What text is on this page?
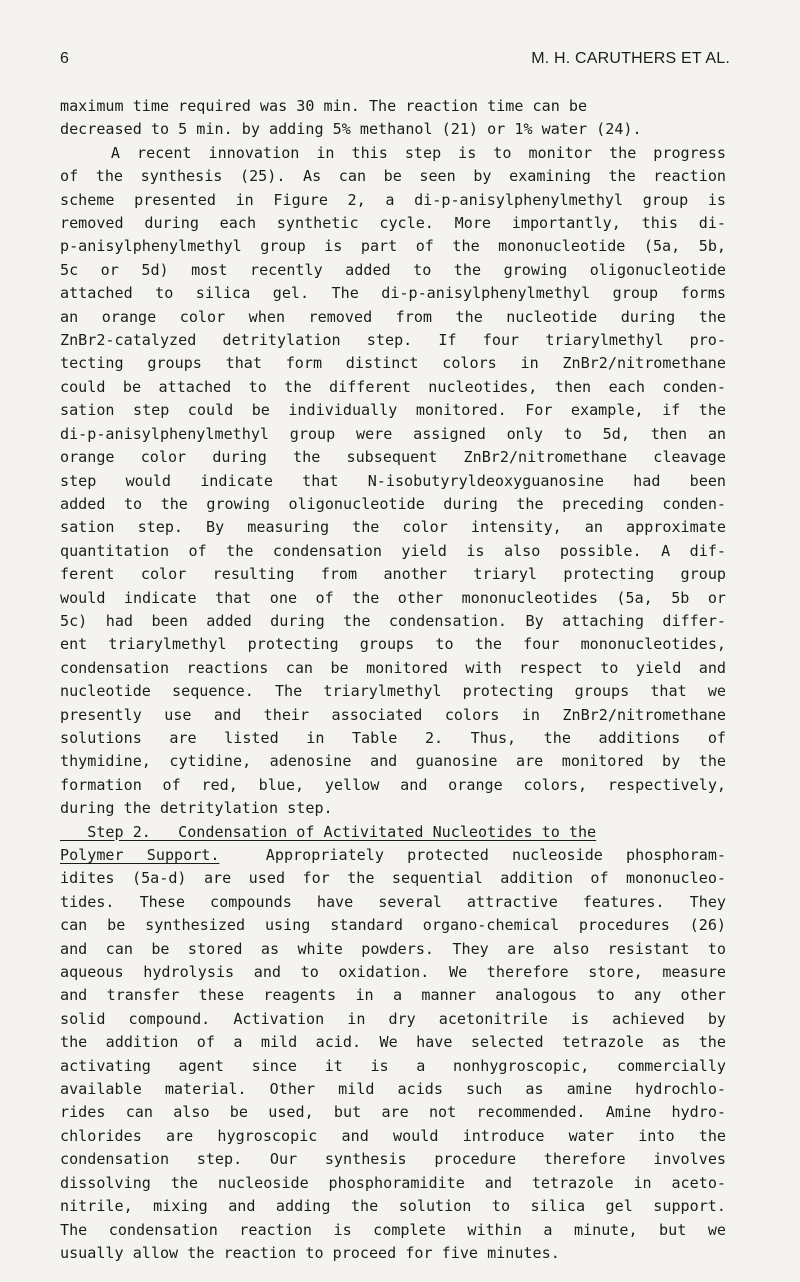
6	M. H. CARUTHERS ET AL.
maximum time required was 30 min. The reaction time can be
decreased to 5 min. by adding 5% methanol (21) or 1% water (24).
A recent innovation in this step is to monitor the progress
of the synthesis (25). As can be seen by examining the reaction
scheme presented in Figure 2, a di-p-anisylphenylmethyl group is
removed during each synthetic cycle. More importantly, this di-
p-anisylphenylmethyl group is part of the mononucleotide (5a, 5b,
5c or 5d) most recently added to the growing oligonucleotide
attached to silica gel. The di-p-anisylphenylmethyl group forms
an orange color when removed from the nucleotide during the
ZnBr2-catalyzed detritylation step. If four triarylmethyl pro-
tecting groups that form distinct colors in ZnBr2/nitromethane
could be attached to the different nucleotides, then each conden-
sation step could be individually monitored. For example, if the
di-p-anisylphenylmethyl group were assigned only to 5d, then an
orange color during the subsequent ZnBr2/nitromethane cleavage
step would indicate that N-isobutyryldeoxyguanosine had been
added to the growing oligonucleotide during the preceding conden-
sation step. By measuring the color intensity, an approximate
quantitation of the condensation yield is also possible. A dif-
ferent color resulting from another triaryl protecting group
would indicate that one of the other mononucleotides (5a, 5b or
5c) had been added during the condensation. By attaching differ-
ent triarylmethyl protecting groups to the four mononucleotides,
condensation reactions can be monitored with respect to yield and
nucleotide sequence. The triarylmethyl protecting groups that we
presently use and their associated colors in ZnBr2/nitromethane
solutions are listed in Table 2. Thus, the additions of
thymidine, cytidine, adenosine and guanosine are monitored by the
formation of red, blue, yellow and orange colors, respectively,
during the detritylation step.
Step 2.   Condensation of Activitated Nucleotides to the
Polymer Support.  Appropriately protected nucleoside phosphoram-
idites (5a-d) are used for the sequential addition of mononucleo-
tides. These compounds have several attractive features. They
can be synthesized using standard organo-chemical procedures (26)
and can be stored as white powders. They are also resistant to
aqueous hydrolysis and to oxidation. We therefore store, measure
and transfer these reagents in a manner analogous to any other
solid compound. Activation in dry acetonitrile is achieved by
the addition of a mild acid. We have selected tetrazole as the
activating agent since it is a nonhygroscopic, commercially
available material. Other mild acids such as amine hydrochlo-
rides can also be used, but are not recommended. Amine hydro-
chlorides are hygroscopic and would introduce water into the
condensation step. Our synthesis procedure therefore involves
dissolving the nucleoside phosphoramidite and tetrazole in aceto-
nitrile, mixing and adding the solution to silica gel support.
The condensation reaction is complete within a minute, but we
usually allow the reaction to proceed for five minutes.
